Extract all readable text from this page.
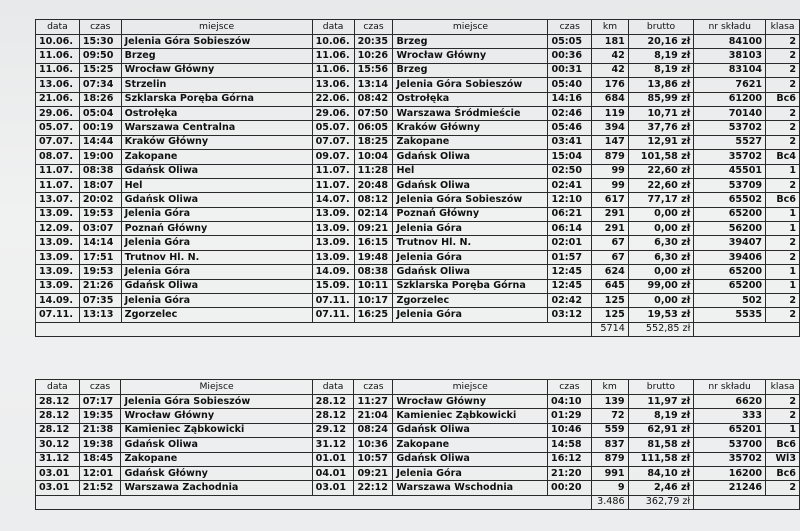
data	czas	miejsce	data	czas	miejsce	czas	km	brutto	nr składu	klasa
10.06.	15:30	Jelenia Góra Sobieszów	10.06.	20:35	Brzeg	05:05	181	20,16 zł	84100	2
11.06.	09:50	Brzeg	11.06.	10:26	Wrocław Główny	00:36	42	8,19 zł	38103	2
11.06.	15:25	Wrocław Główny	11.06.	15:56	Brzeg	00:31	42	8,19 zł	83104	2
13.06.	07:34	Strzelin	13.06.	13:14	Jelenia Góra Sobieszów	05:40	176	13,86 zł	7621	2
21.06.	18:26	Szklarska Poręba Górna	22.06.	08:42	Ostrołęka	14:16	684	85,99 zł	61200	Bc6
29.06.	05:04	Ostrołęka	29.06.	07:50	Warszawa Śródmieście	02:46	119	10,71 zł	70140	2
05.07.	00:19	Warszawa Centralna	05.07.	06:05	Kraków Główny	05:46	394	37,76 zł	53702	2
07.07.	14:44	Kraków Główny	07.07.	18:25	Zakopane	03:41	147	12,91 zł	5527	2
08.07.	19:00	Zakopane	09.07.	10:04	Gdańsk Oliwa	15:04	879	101,58 zł	35702	Bc4
11.07.	08:38	Gdańsk Oliwa	11.07.	11:28	Hel	02:50	99	22,60 zł	45501	1
11.07.	18:07	Hel	11.07.	20:48	Gdańsk Oliwa	02:41	99	22,60 zł	53709	2
13.07.	20:02	Gdańsk Oliwa	14.07.	08:12	Jelenia Góra Sobieszów	12:10	617	77,17 zł	65502	Bc6
13.09.	19:53	Jelenia Góra	13.09.	02:14	Poznań Główny	06:21	291	0,00 zł	65200	1
12.09.	03:07	Poznań Główny	13.09.	09:21	Jelenia Góra	06:14	291	0,00 zł	56200	1
13.09.	14:14	Jelenia Góra	13.09.	16:15	Trutnov Hl. N.	02:01	67	6,30 zł	39407	2
13.09.	17:51	Trutnov Hl. N.	13.09.	19:48	Jelenia Góra	01:57	67	6,30 zł	39406	2
13.09.	19:53	Jelenia Góra	14.09.	08:38	Gdańsk Oliwa	12:45	624	0,00 zł	65200	1
13.09.	21:26	Gdańsk Oliwa	15.09.	10:11	Szklarska Poręba Górna	12:45	645	99,00 zł	65200	1
14.09.	07:35	Jelenia Góra	07.11.	10:17	Zgorzelec	02:42	125	0,00 zł	502	2
07.11.	13:13	Zgorzelec	07.11.	16:25	Jelenia Góra	03:12	125	19,53 zł	5535	2
							5714	552,85 zł		
data	czas	Miejsce	data	czas	miejsce	czas	km	brutto	nr składu	klasa
28.12	07:17	Jelenia Góra Sobieszów	28.12	11:27	Wrocław Główny	04:10	139	11,97 zł	6620	2
28.12	19:35	Wrocław Główny	28.12	21:04	Kamieniec Ząbkowicki	01:29	72	8,19 zł	333	2
28.12	21:38	Kamieniec Ząbkowicki	29.12	08:24	Gdańsk Oliwa	10:46	559	62,91 zł	65201	1
30.12	19:38	Gdańsk Oliwa	31.12	10:36	Zakopane	14:58	837	81,58 zł	53700	Bc6
31.12	18:45	Zakopane	01.01	10:57	Gdańsk Oliwa	16:12	879	111,58 zł	35702	Wl3
03.01	12:01	Gdańsk Główny	04.01	09:21	Jelenia Góra	21:20	991	84,10 zł	16200	Bc6
03.01	21:52	Warszawa Zachodnia	03.01	22:12	Warszawa Wschodnia	00:20	9	2,46 zł	21246	2
							3.486	362,79 zł		
